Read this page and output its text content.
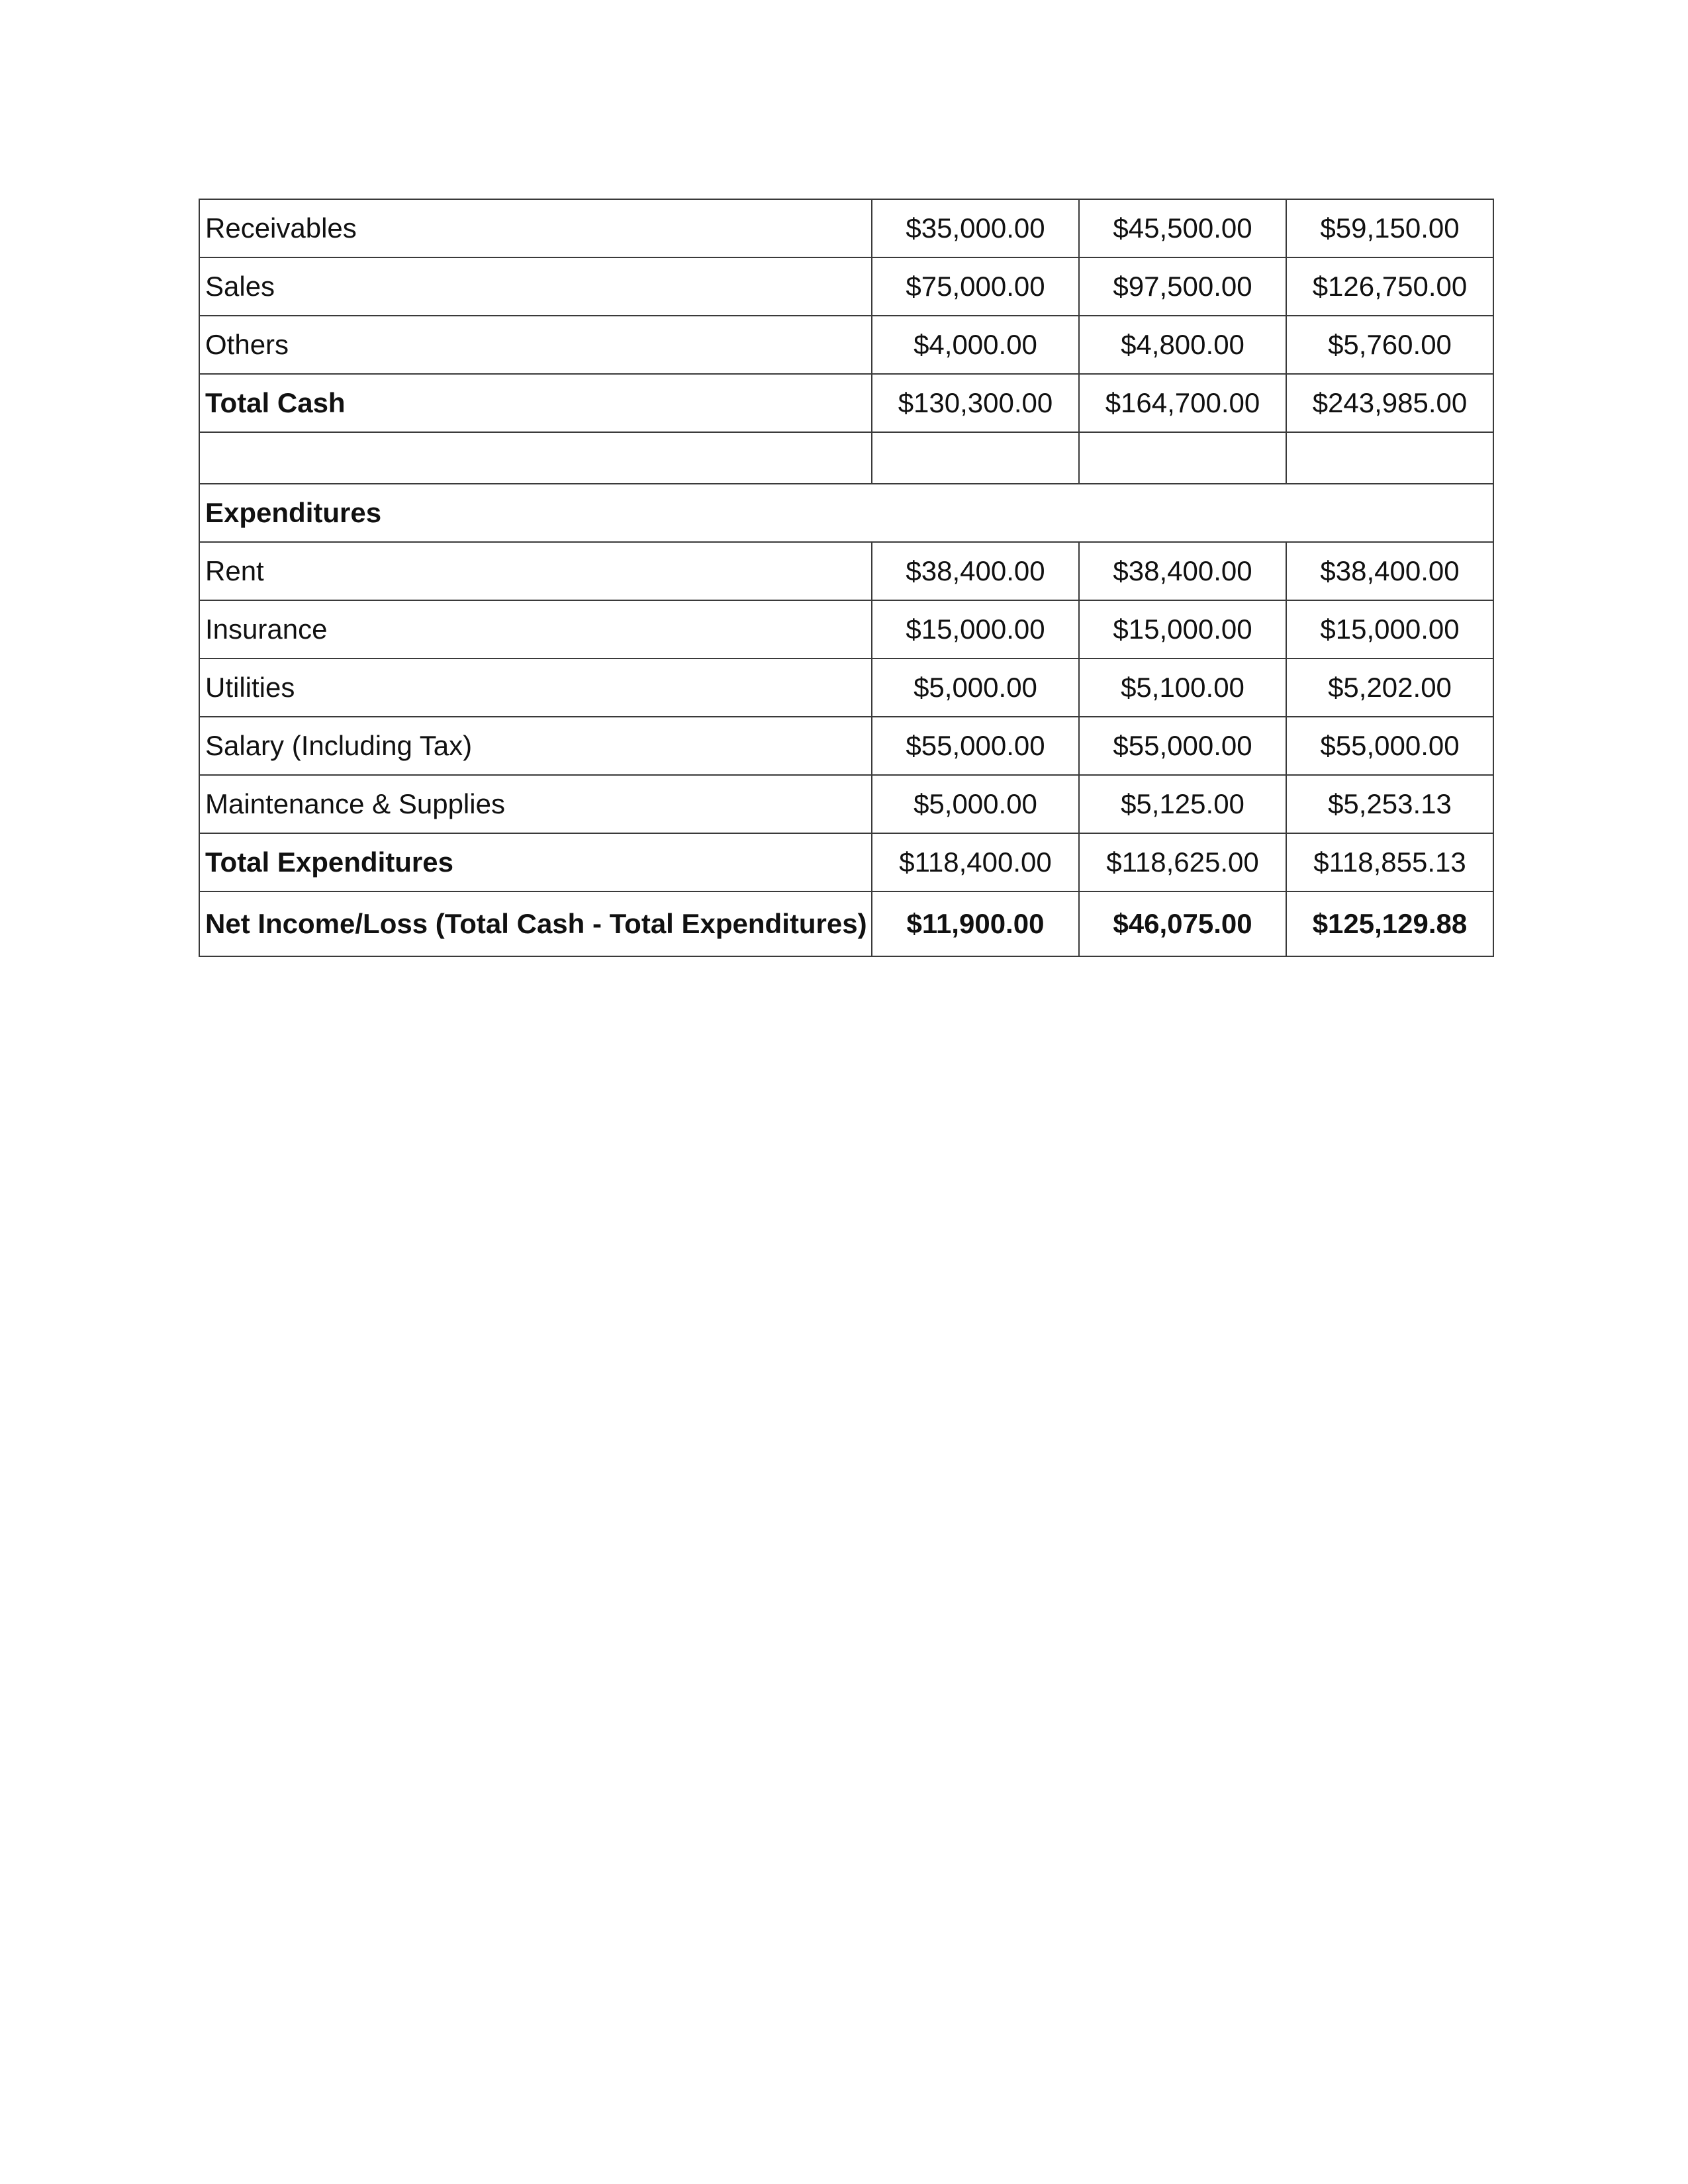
Receivables	$35,000.00	$45,500.00	$59,150.00
Sales	$75,000.00	$97,500.00	$126,750.00
Others	$4,000.00	$4,800.00	$5,760.00
Total Cash	$130,300.00	$164,700.00	$243,985.00

Expenditures			
Rent	$38,400.00	$38,400.00	$38,400.00
Insurance	$15,000.00	$15,000.00	$15,000.00
Utilities	$5,000.00	$5,100.00	$5,202.00
Salary (Including Tax)	$55,000.00	$55,000.00	$55,000.00
Maintenance & Supplies	$5,000.00	$5,125.00	$5,253.13
Total Expenditures	$118,400.00	$118,625.00	$118,855.13
Net Income/Loss (Total Cash - Total Expenditures)	$11,900.00	$46,075.00	$125,129.88
